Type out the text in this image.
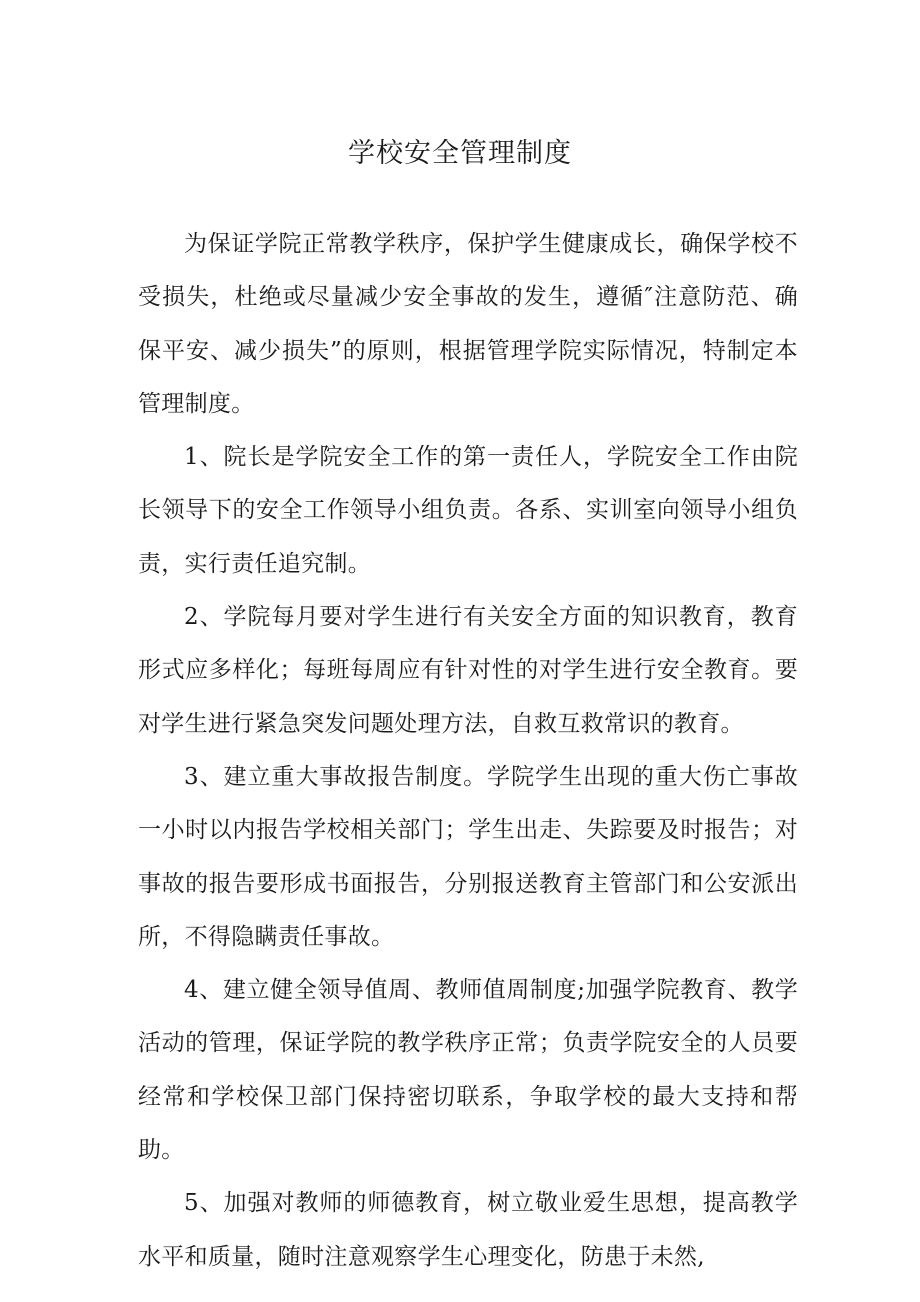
学校安全管理制度

为保证学院正常教学秩序，保护学生健康成长，确保学校不受损失，杜绝或尽量减少安全事故的发生，遵循″注意防范、确保平安、减少损失”的原则，根据管理学院实际情况，特制定本管理制度。

1、院长是学院安全工作的第一责任人，学院安全工作由院长领导下的安全工作领导小组负责。各系、实训室向领导小组负责，实行责任追究制。

2、学院每月要对学生进行有关安全方面的知识教育，教育形式应多样化；每班每周应有针对性的对学生进行安全教育。要对学生进行紧急突发问题处理方法，自救互救常识的教育。

3、建立重大事故报告制度。学院学生出现的重大伤亡事故一小时以内报告学校相关部门；学生出走、失踪要及时报告；对事故的报告要形成书面报告，分别报送教育主管部门和公安派出所，不得隐瞒责任事故。

4、建立健全领导值周、教师值周制度;加强学院教育、教学活动的管理，保证学院的教学秩序正常；负责学院安全的人员要经常和学校保卫部门保持密切联系，争取学校的最大支持和帮助。

5、加强对教师的师德教育，树立敬业爱生思想，提高教学水平和质量，随时注意观察学生心理变化，防患于未然,
